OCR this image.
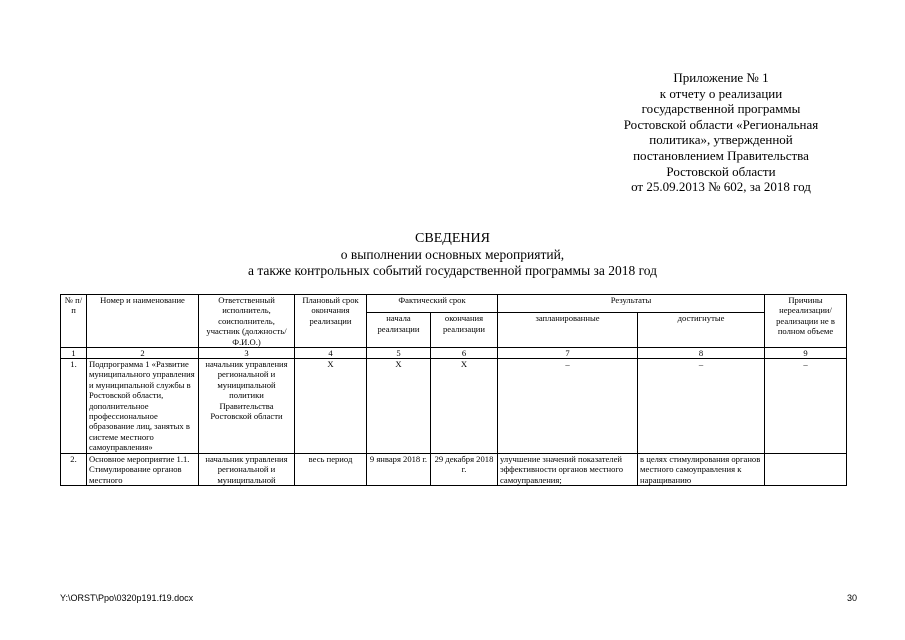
Приложение № 1
к отчету о реализации
государственной программы
Ростовской области «Региональная
политика», утвержденной
постановлением Правительства
Ростовской области
от 25.09.2013 № 602, за 2018 год
СВЕДЕНИЯ
о выполнении основных мероприятий,
а также контрольных событий государственной программы за 2018 год
№ п/п	Номер и наименование	Ответственный исполнитель, соисполнитель, участник (должность/ Ф.И.О.)	Плановый срок окончания реализации	Фактический срок		Результаты		Причины нереализации/ реализации не в полном объеме
				начала реализации	окончания реализации	запланированные	достигнутые	
1	2	3	4	5	6	7	8	9
1.	Подпрограмма 1 «Развитие муниципального управления и муниципальной службы в Ростовской области, дополнительное профессиональное образование лиц, занятых в системе местного самоуправления»	начальник управления региональной и муниципальной политики Правительства Ростовской области	Х	Х	Х	–	–	–
2.	Основное мероприятие 1.1. Стимулирование органов местного	начальник управления региональной и муниципальной	весь период	9 января 2018 г.	29 декабря 2018 г.	улучшение значений показателей эффективности органов местного самоуправления;	в целях стимулирования органов местного самоуправления к наращиванию	
Y:\ORST\Ppo\0320p191.f19.docx	30
